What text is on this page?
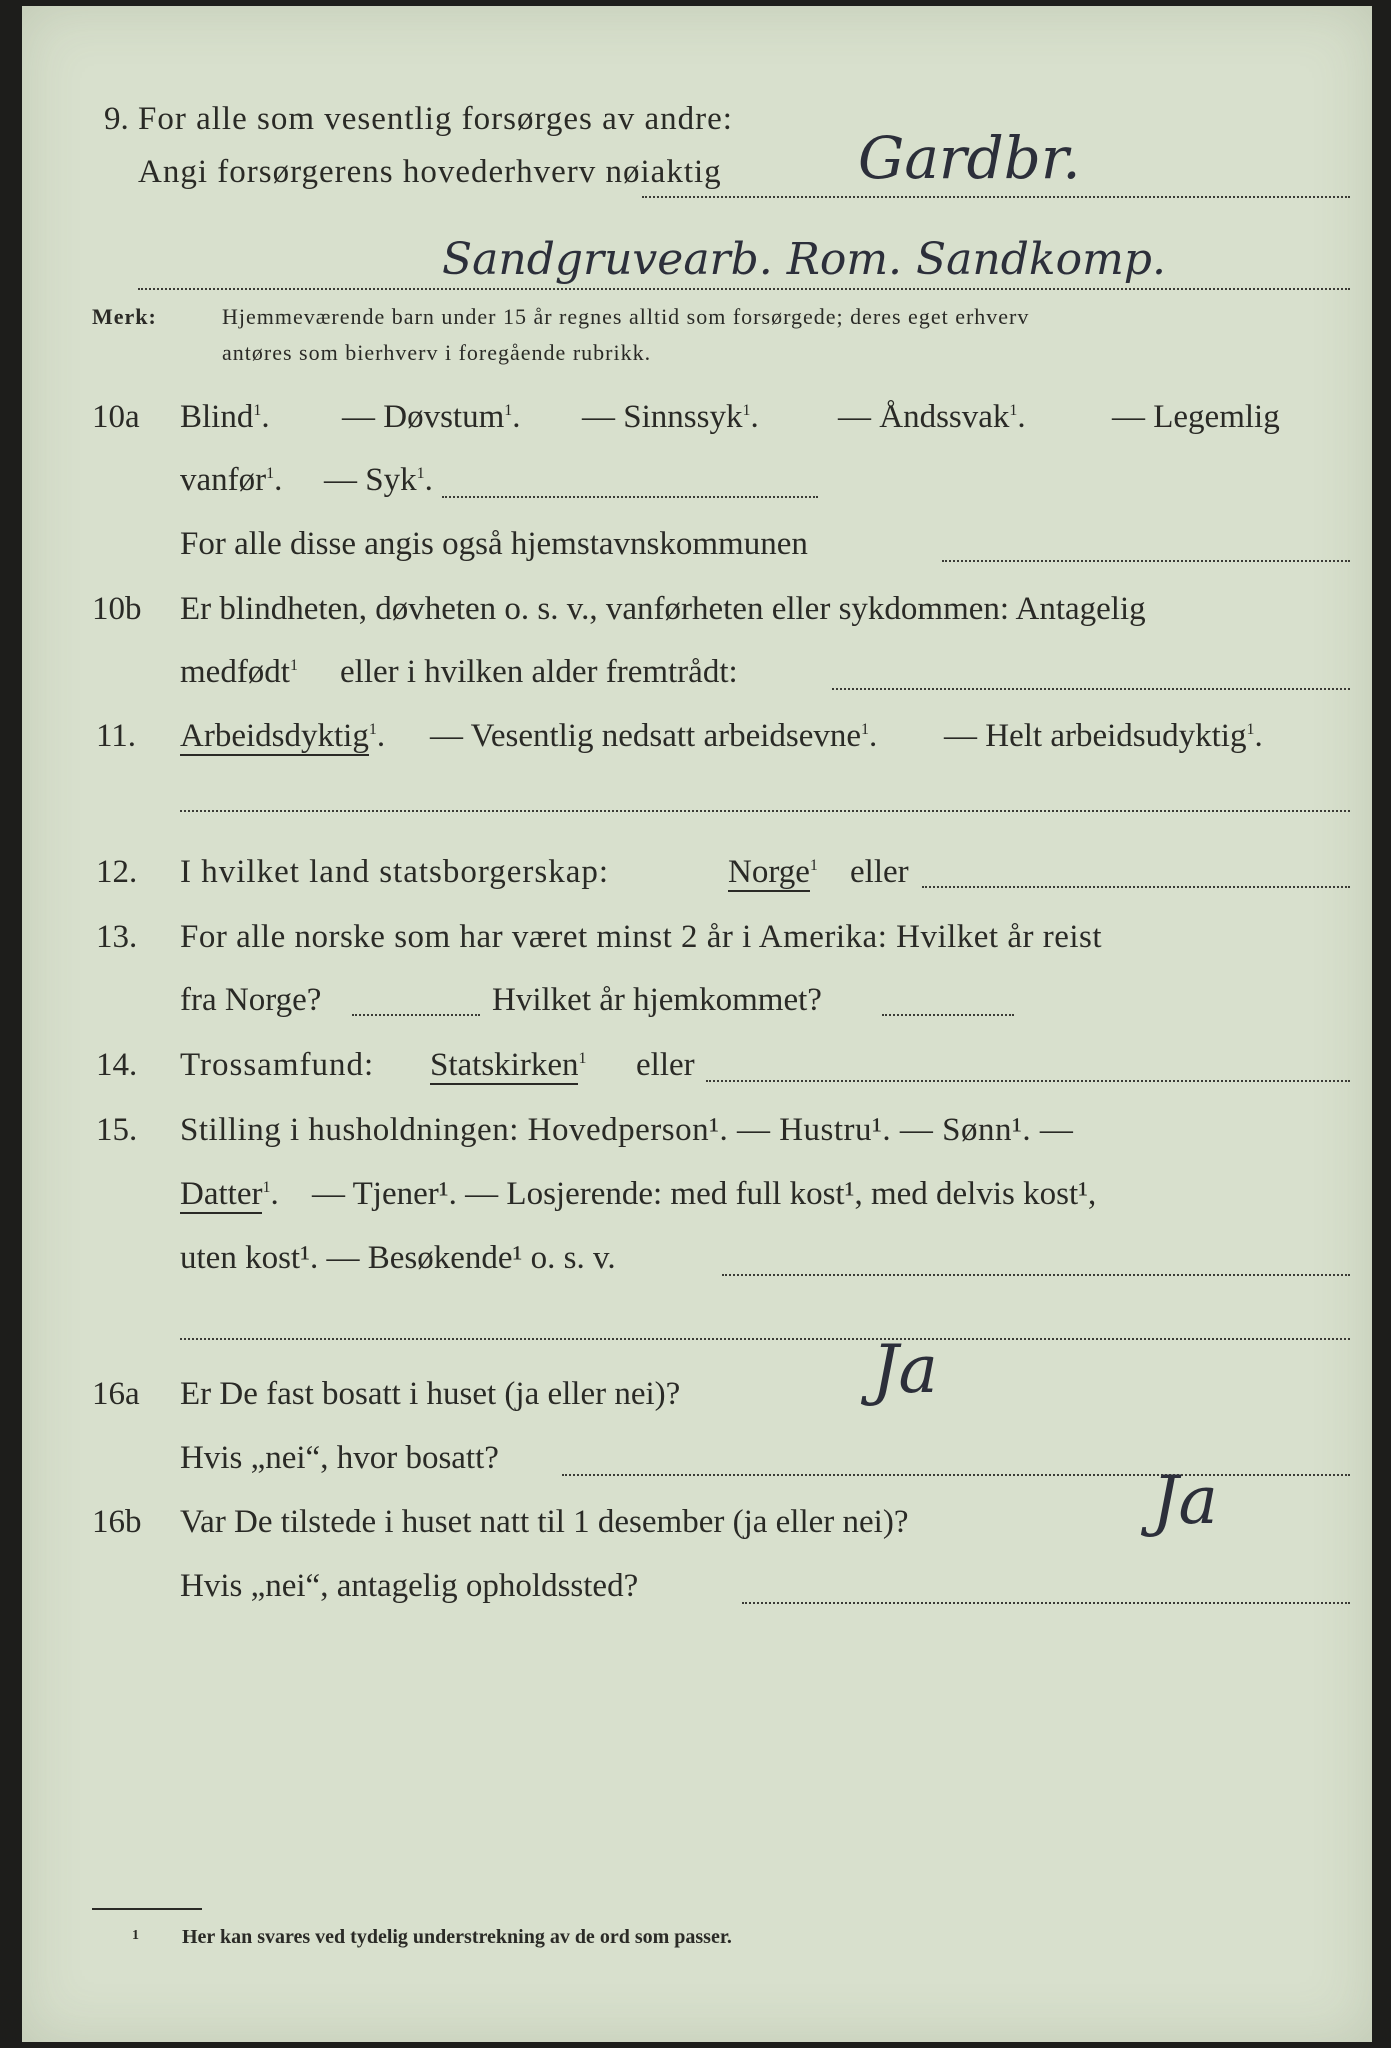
9. For alle som vesentlig forsørges av andre:
Angi forsørgerens hovederhverv nøiaktig Gardbr.
Sandgruvearb. Rom. Sandkomp.
Merk:	Hjemmeværende barn under 15 år regnes alltid som forsørgede; deres eget erhverv
antøres som bierhverv i foregående rubrikk.
10a Blind$^1$. — Døvstum$^1$. — Sinnssyk$^1$. — Åndssvak$^1$.	— Legemlig
vanfør$^1$. — Syk$^1$.
For alle disse angis også hjemstavnskommunen
10b Er blindheten, døvheten o. s. v., vanførheten eller sykdommen: Antagelig
medfødt$^1$ eller i hvilken alder fremtrådt:
11. Arbeidsdyktig$^1$. — Vesentlig nedsatt arbeidsevne$^1$. — Helt arbeidsudyktig$^1$.
12. I hvilket land statsborgerskap:	Norge$^1$ eller
13. For alle norske som har været minst 2 år i Amerika: Hvilket år reist
fra Norge?	Hvilket år hjemkommet?
14. Trossamfund: Statskirken$^1$ eller
15. Stilling i husholdningen: Hovedperson¹. — Hustru¹. — Sønn¹. —
Datter$^1$. — Tjener¹. — Losjerende: med full kost¹, med delvis kost¹,
uten kost¹. — Besøkende¹ o. s. v.
16a Er De fast bosatt i huset (ja eller nei)?	Ja
Hvis „nei“, hvor bosatt?
16b Var De tilstede i huset natt til 1 desember (ja eller nei)?	Ja
Hvis „nei“, antagelig opholdssted?
1 Her kan svares ved tydelig understrekning av de ord som passer.
